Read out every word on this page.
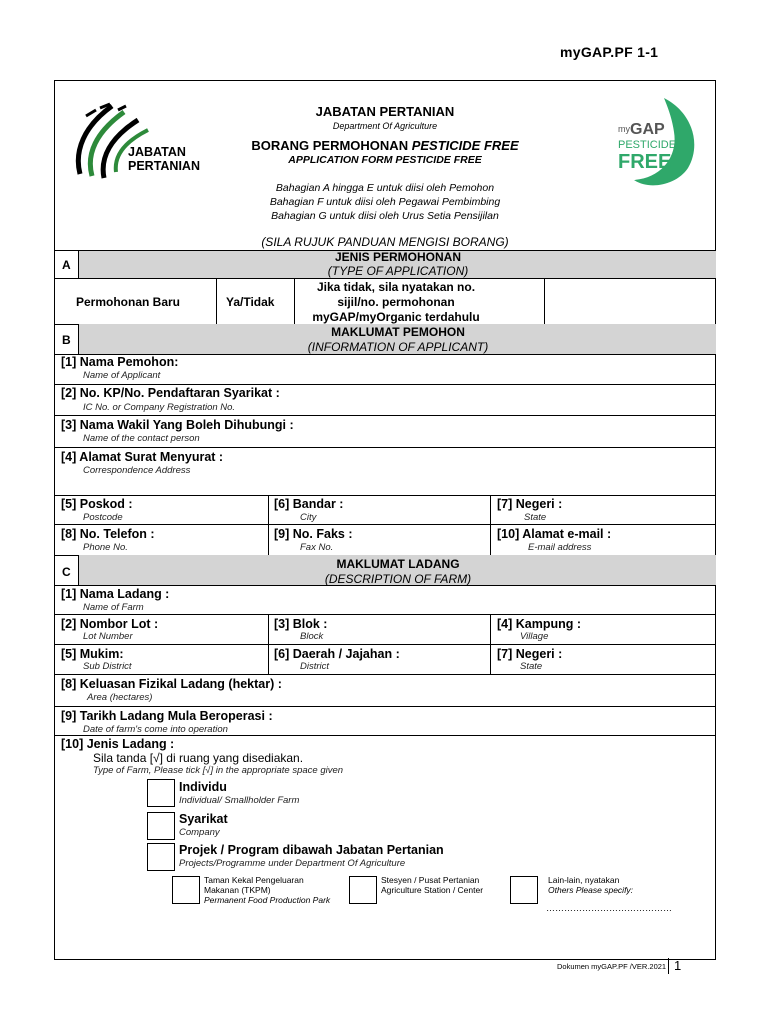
myGAP.PF 1-1
JABATAN
PERTANIAN
my GAP
PESTICIDE
FREE
JABATAN PERTANIAN
Department Of Agriculture
BORANG PERMOHONAN PESTICIDE FREE
APPLICATION FORM PESTICIDE FREE
Bahagian A hingga E untuk diisi oleh Pemohon
Bahagian F untuk diisi oleh Pegawai Pembimbing
Bahagian G untuk diisi oleh Urus Setia Pensijilan
(SILA RUJUK PANDUAN MENGISI BORANG)
A
JENIS PERMOHONAN
(TYPE OF APPLICATION)
Permohonan Baru	Ya/Tidak
Jika tidak, sila nyatakan no.
sijil/no. permohonan
myGAP/myOrganic terdahulu
B
MAKLUMAT PEMOHON
(INFORMATION OF APPLICANT)
[1] Nama Pemohon:
Name of Applicant
[2] No. KP/No. Pendaftaran Syarikat :
IC No. or Company Registration No.
[3] Nama Wakil Yang Boleh Dihubungi :
Name of the contact person
[4] Alamat Surat Menyurat :
Correspondence Address
[5] Poskod :
Postcode
[6] Bandar :
City
[7] Negeri :
State
[8] No. Telefon :
Phone No.
[9] No. Faks :
Fax No.
[10] Alamat e-mail :
E-mail address
C
MAKLUMAT LADANG
(DESCRIPTION OF FARM)
[1] Nama Ladang :
Name of Farm
[2] Nombor Lot :
Lot Number
[3] Blok :
Block
[4] Kampung :
Village
[5] Mukim:
Sub District
[6] Daerah / Jajahan :
District
[7] Negeri :
State
[8] Keluasan Fizikal Ladang (hektar) :
Area (hectares)
[9] Tarikh Ladang Mula Beroperasi :
Date of farm's come into operation
[10] Jenis Ladang :
Sila tanda [√] di ruang yang disediakan.
Type of Farm, Please tick [√] in the appropriate space given
Individu
Individual/ Smallholder Farm
Syarikat
Company
Projek / Program dibawah Jabatan Pertanian
Projects/Programme under Department Of Agriculture
Taman Kekal Pengeluaran
Makanan (TKPM)
Permanent Food Production Park
Stesyen / Pusat Pertanian
Agriculture Station / Center
Lain-lain, nyatakan
Others Please specify:
……………………………………
Dokumen myGAP.PF /VER.2021 1
